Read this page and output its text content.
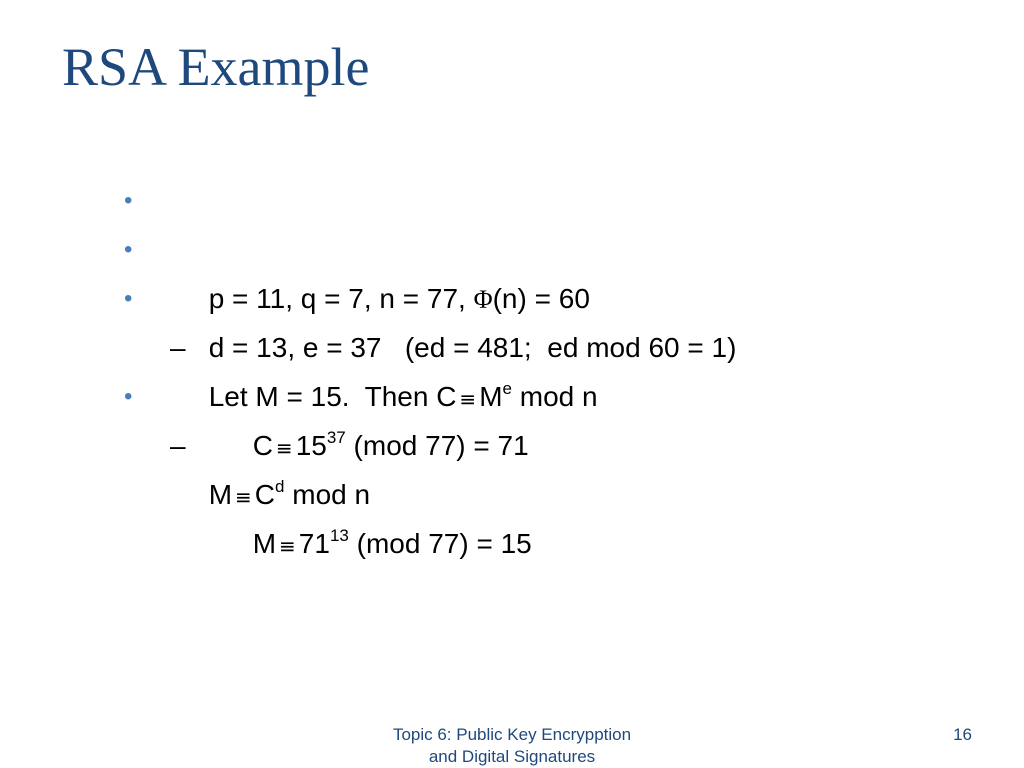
RSA Example

•

p = 11, q = 7, n = 77, Φ(n) = 60

•

d = 13, e = 37   (ed = 481;  ed mod 60 = 1)

•

Let M = 15.  Then $C \equiv M^e$ mod n

–

$C \equiv 15^{37}$ (mod 77) = 71

•

$M \equiv C^d$ mod n

–

$M \equiv 71^{13}$ (mod 77) = 15

Topic 6: Public Key Encrypption
and Digital Signatures
16
